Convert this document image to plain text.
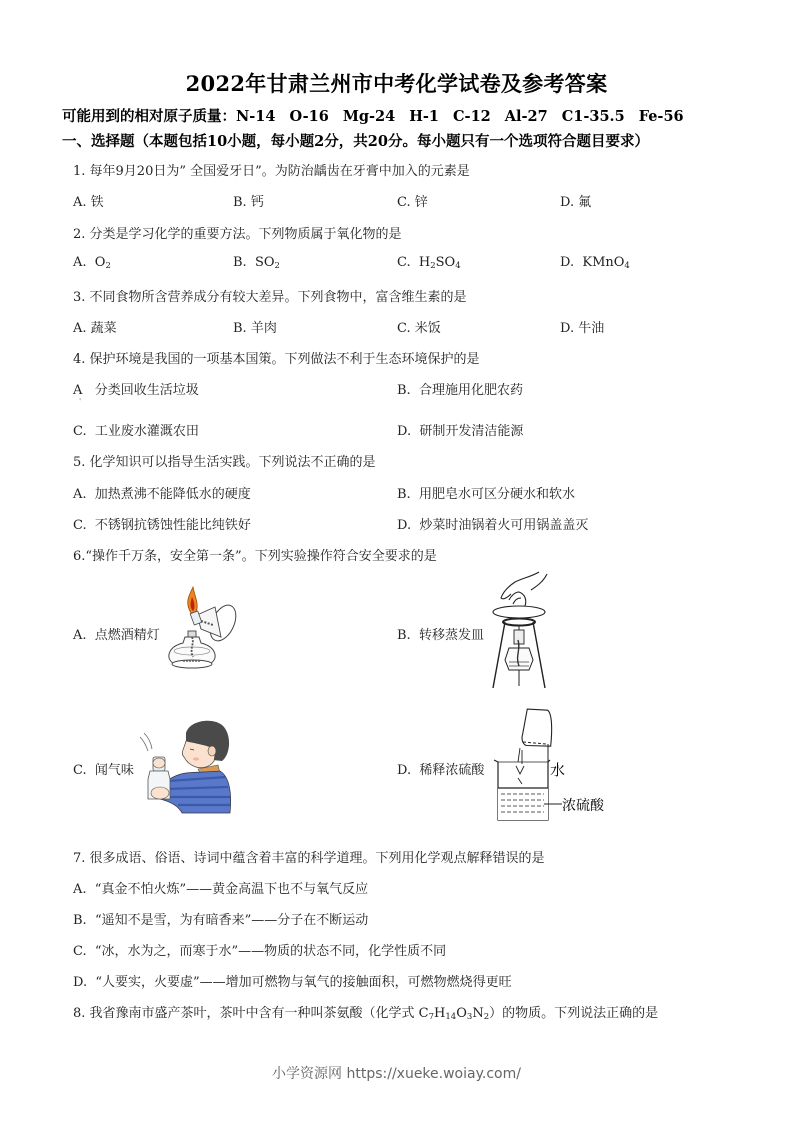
2022年甘肃兰州市中考化学试卷及参考答案
可能用到的相对原子质量：N-14 O-16 Mg-24 H-1 C-12 Al-27 C1-35.5 Fe-56
一、选择题（本题包括10小题，每小题2分，共20分。每小题只有一个选项符合题目要求）
1. 每年9月20日为” 全国爱牙日”。为防治龋齿在牙膏中加入的元素是
A. 铁	B. 钙	C. 锌	D. 氟
2. 分类是学习化学的重要方法。下列物质属于氧化物的是
A. $O_2$	B. $SO_2$	C. $H_2SO_4$	D. KMnO$_4$
3. 不同食物所含营养成分有较大差异。下列食物中，富含维生素的是
A. 蔬菜	B. 羊肉	C. 米饭	D. 牛油
4. 保护环境是我国的一项基本国策。下列做法不利于生态环境保护的是
A 分类回收生活垃圾
'
B. 合理施用化肥农药
C. 工业废水灌溉农田	D. 研制开发清洁能源
5. 化学知识可以指导生活实践。下列说法不正确的是
A. 加热煮沸不能降低水的硬度	B. 用肥皂水可区分硬水和软水
C. 不锈钢抗锈蚀性能比纯铁好	D. 炒菜时油锅着火可用锅盖盖灭
6.“操作千万条，安全第一条”。下列实验操作符合安全要求的是
A. 点燃酒精灯	B. 转移蒸发皿
C. 闻气味	D. 稀释浓硫酸	水
浓硫酸
7. 很多成语、俗语、诗词中蕴含着丰富的科学道理。下列用化学观点解释错误的是
A. “真金不怕火炼”——黄金高温下也不与氧气反应
B. “遥知不是雪，为有暗香来”——分子在不断运动
C. “冰，水为之，而寒于水”——物质的状态不同，化学性质不同
D. “人要实，火要虚”——增加可燃物与氧气的接触面积，可燃物燃烧得更旺
8. 我省豫南市盛产茶叶，茶叶中含有一种叫茶氨酸（化学式 $C_7H_{14}O_3N_2$）的物质。下列说法正确的是
小学资源网 https://xueke.woiay.com/
